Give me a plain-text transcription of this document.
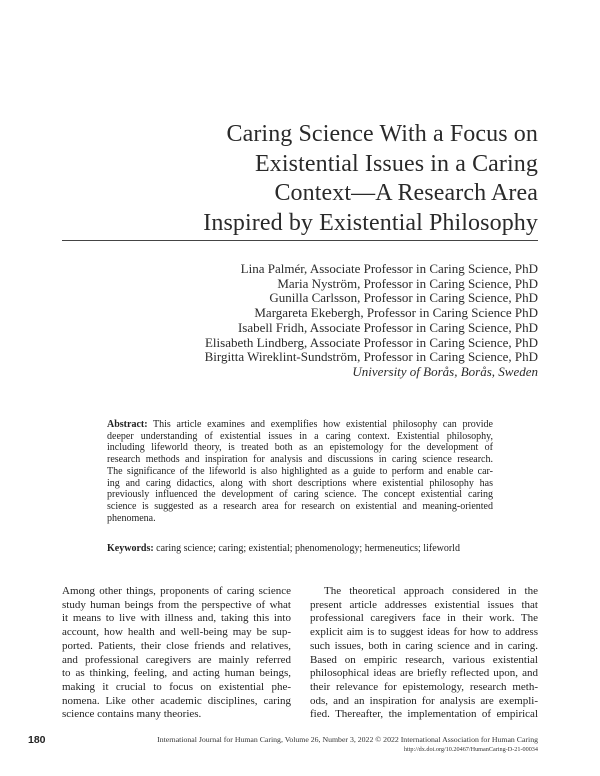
Caring Science With a Focus on
Existential Issues in a Caring
Context—A Research Area
Inspired by Existential Philosophy
Lina Palmér, Associate Professor in Caring Science, PhD
Maria Nyström, Professor in Caring Science, PhD
Gunilla Carlsson, Professor in Caring Science, PhD
Margareta Ekebergh, Professor in Caring Science PhD
Isabell Fridh, Associate Professor in Caring Science, PhD
Elisabeth Lindberg, Associate Professor in Caring Science, PhD
Birgitta Wireklint-Sundström, Professor in Caring Science, PhD
University of Borås, Borås, Sweden
Abstract: This article examines and exemplifies how existential philosophy can provide
deeper understanding of existential issues in a caring context. Existential philosophy,
including lifeworld theory, is treated both as an epistemology for the development of
research methods and inspiration for analysis and discussions in caring science research.
The significance of the lifeworld is also highlighted as a guide to perform and enable car-
ing and caring didactics, along with short descriptions where existential philosophy has
previously influenced the development of caring science. The concept existential caring
science is suggested as a research area for research on existential and meaning-oriented
phenomena.
Keywords: caring science; caring; existential; phenomenology; hermeneutics; lifeworld
Among other things, proponents of caring science
study human beings from the perspective of what
it means to live with illness and, taking this into
account, how health and well-being may be sup-
ported. Patients, their close friends and relatives,
and professional caregivers are mainly referred
to as thinking, feeling, and acting human beings,
making it crucial to focus on existential phe-
nomena. Like other academic disciplines, caring
science contains many theories.
The theoretical approach considered in the
present article addresses existential issues that
professional caregivers face in their work. The
explicit aim is to suggest ideas for how to address
such issues, both in caring science and in caring.
Based on empiric research, various existential
philosophical ideas are briefly reflected upon, and
their relevance for epistemology, research meth-
ods, and an inspiration for analysis are exempli-
fied. Thereafter, the implementation of empirical
180	International Journal for Human Caring, Volume 26, Number 3, 2022 © 2022 International Association for Human Caring
http://dx.doi.org/10.20467/HumanCaring-D-21-00034
